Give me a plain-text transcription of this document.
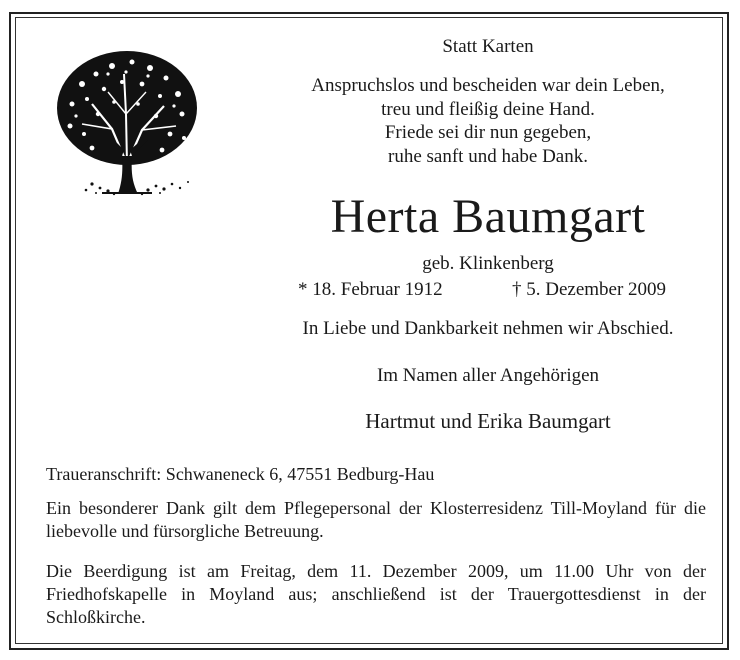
Statt Karten
Anspruchslos und bescheiden war dein Leben,
treu und fleißig deine Hand.
Friede sei dir nun gegeben,
ruhe sanft und habe Dank.
Herta Baumgart
geb. Klinkenberg
* 18. Februar 1912	† 5. Dezember 2009
In Liebe und Dankbarkeit nehmen wir Abschied.
Im Namen aller Angehörigen
Hartmut und Erika Baumgart
Traueranschrift: Schwaneneck 6, 47551 Bedburg-Hau

Ein besonderer Dank gilt dem Pflegepersonal der Klosterresidenz Till-Moyland für die liebevolle und fürsorgliche Betreuung.

Die Beerdigung ist am Freitag, dem 11. Dezember 2009, um 11.00 Uhr von der Friedhofskapelle in Moyland aus; anschließend ist der Trauergottesdienst in der Schloßkirche.
